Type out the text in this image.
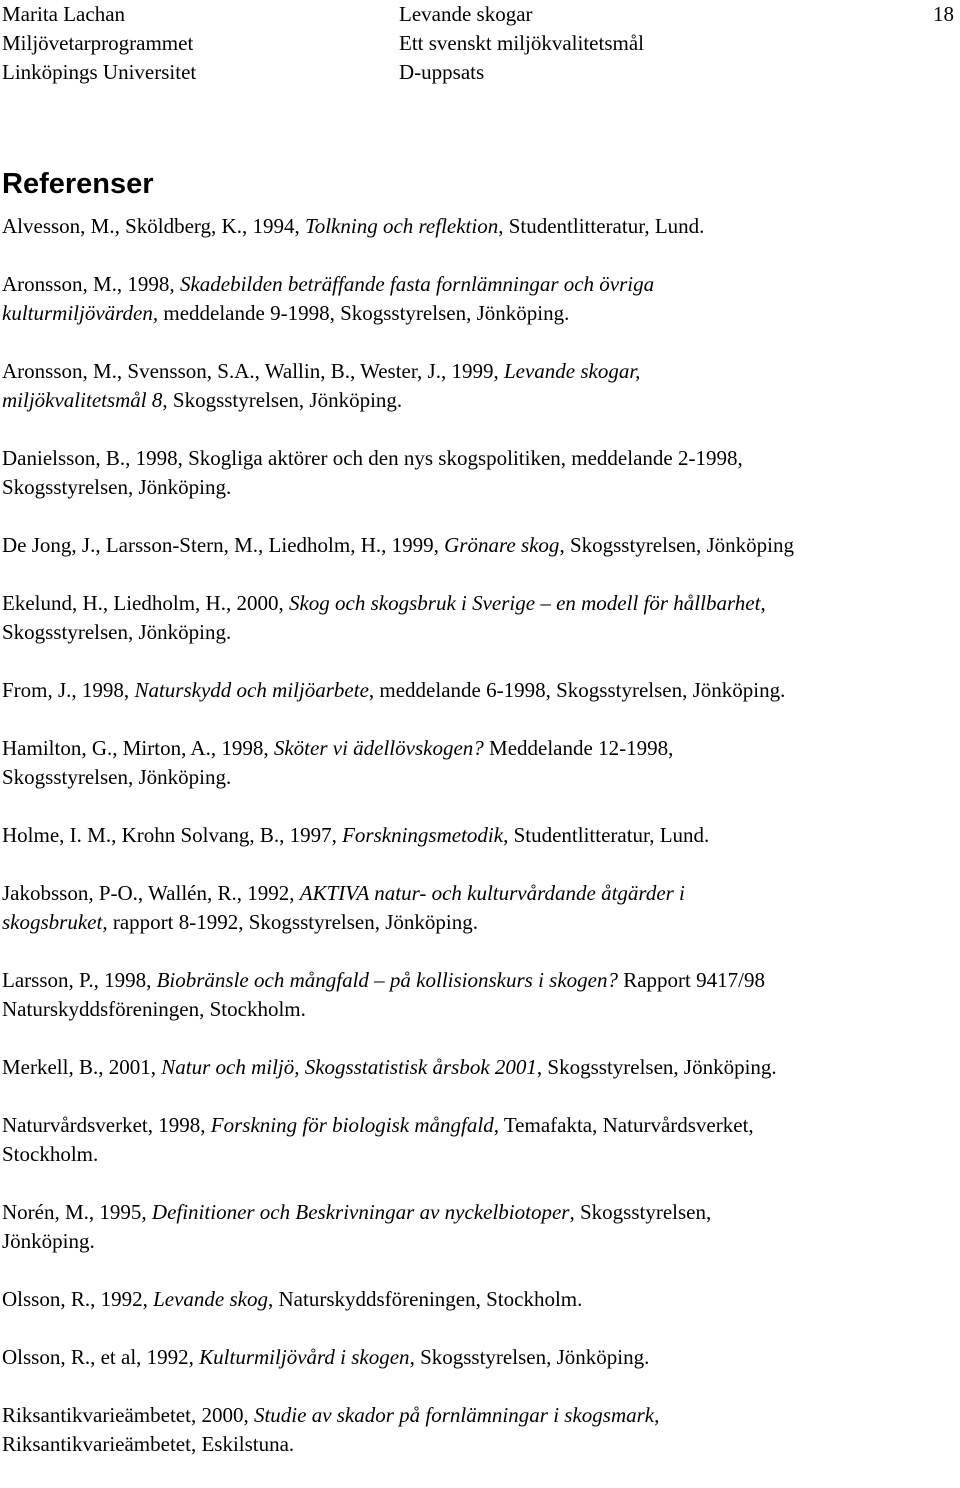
Marita Lachan
Miljövetarprogrammet
Linköpings Universitet
Levande skogar
Ett svenskt miljökvalitetsmål
D-uppsats
18
Referenser

Alvesson, M., Sköldberg, K., 1994, Tolkning och reflektion, Studentlitteratur, Lund.

Aronsson, M., 1998, Skadebilden beträffande fasta fornlämningar och övriga
kulturmiljövärden, meddelande 9-1998, Skogsstyrelsen, Jönköping.

Aronsson, M., Svensson, S.A., Wallin, B., Wester, J., 1999, Levande skogar,
miljökvalitetsmål 8, Skogsstyrelsen, Jönköping.

Danielsson, B., 1998, Skogliga aktörer och den nys skogspolitiken, meddelande 2-1998,
Skogsstyrelsen, Jönköping.

De Jong, J., Larsson-Stern, M., Liedholm, H., 1999, Grönare skog, Skogsstyrelsen, Jönköping

Ekelund, H., Liedholm, H., 2000, Skog och skogsbruk i Sverige – en modell för hållbarhet,
Skogsstyrelsen, Jönköping.

From, J., 1998, Naturskydd och miljöarbete, meddelande 6-1998, Skogsstyrelsen, Jönköping.

Hamilton, G., Mirton, A., 1998, Sköter vi ädellövskogen? Meddelande 12-1998,
Skogsstyrelsen, Jönköping.

Holme, I. M., Krohn Solvang, B., 1997, Forskningsmetodik, Studentlitteratur, Lund.

Jakobsson, P-O., Wallén, R., 1992, AKTIVA natur- och kulturvårdande åtgärder i
skogsbruket, rapport 8-1992, Skogsstyrelsen, Jönköping.

Larsson, P., 1998, Biobränsle och mångfald – på kollisionskurs i skogen? Rapport 9417/98
Naturskyddsföreningen, Stockholm.

Merkell, B., 2001, Natur och miljö, Skogsstatistisk årsbok 2001, Skogsstyrelsen, Jönköping.

Naturvårdsverket, 1998, Forskning för biologisk mångfald, Temafakta, Naturvårdsverket,
Stockholm.

Norén, M., 1995, Definitioner och Beskrivningar av nyckelbiotoper, Skogsstyrelsen,
Jönköping.

Olsson, R., 1992, Levande skog, Naturskyddsföreningen, Stockholm.

Olsson, R., et al, 1992, Kulturmiljövård i skogen, Skogsstyrelsen, Jönköping.

Riksantikvarieämbetet, 2000, Studie av skador på fornlämningar i skogsmark,
Riksantikvarieämbetet, Eskilstuna.
